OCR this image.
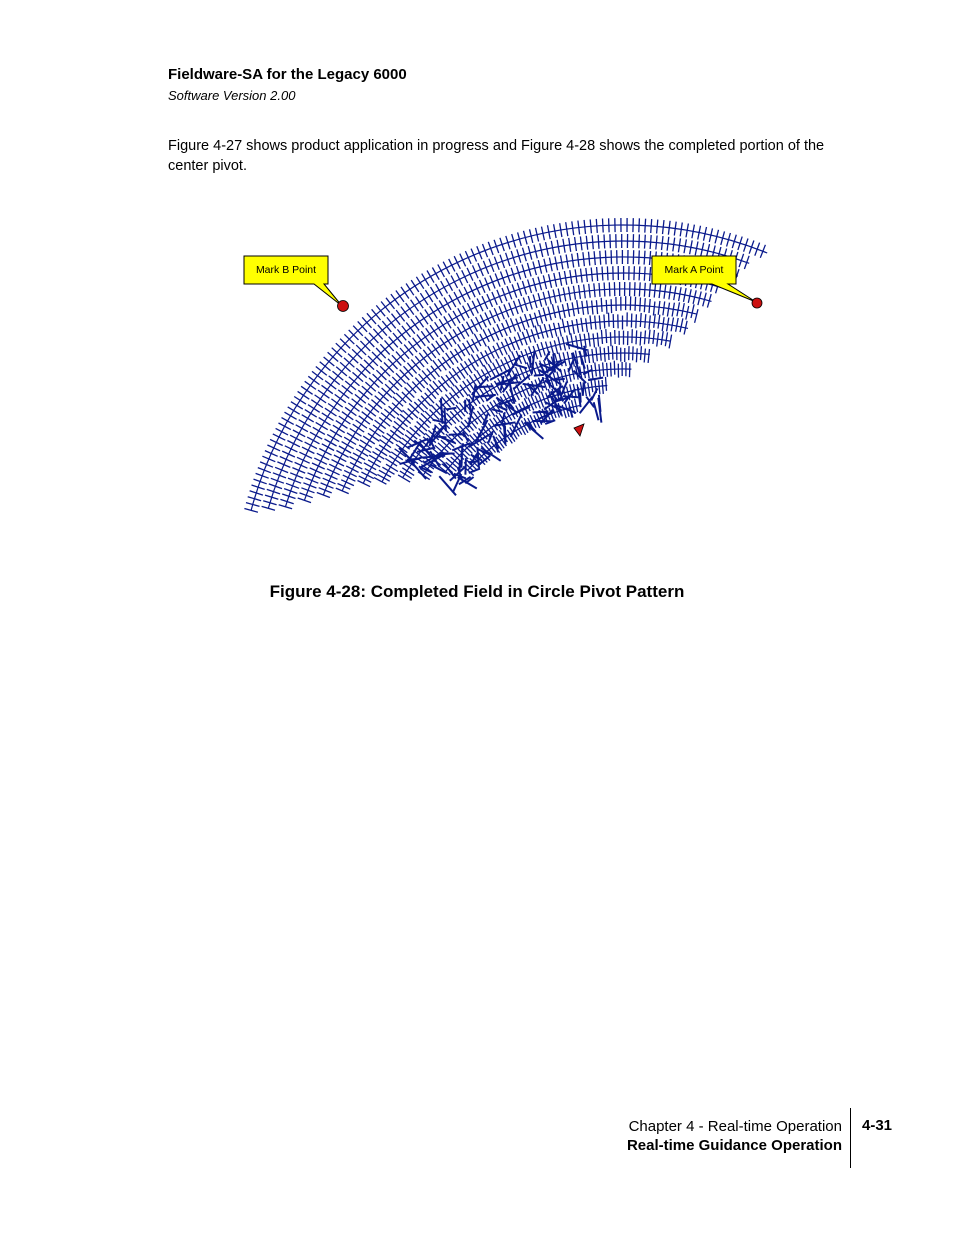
Fieldware-SA for the Legacy 6000
Software Version 2.00

Figure 4-27 shows product application in progress and Figure 4-28 shows the completed portion of the center pivot.

Mark B Point	Mark A Point
Figure 4-28: Completed Field in Circle Pivot Pattern
Chapter 4 - Real-time Operation
Real-time Guidance Operation
4-31
